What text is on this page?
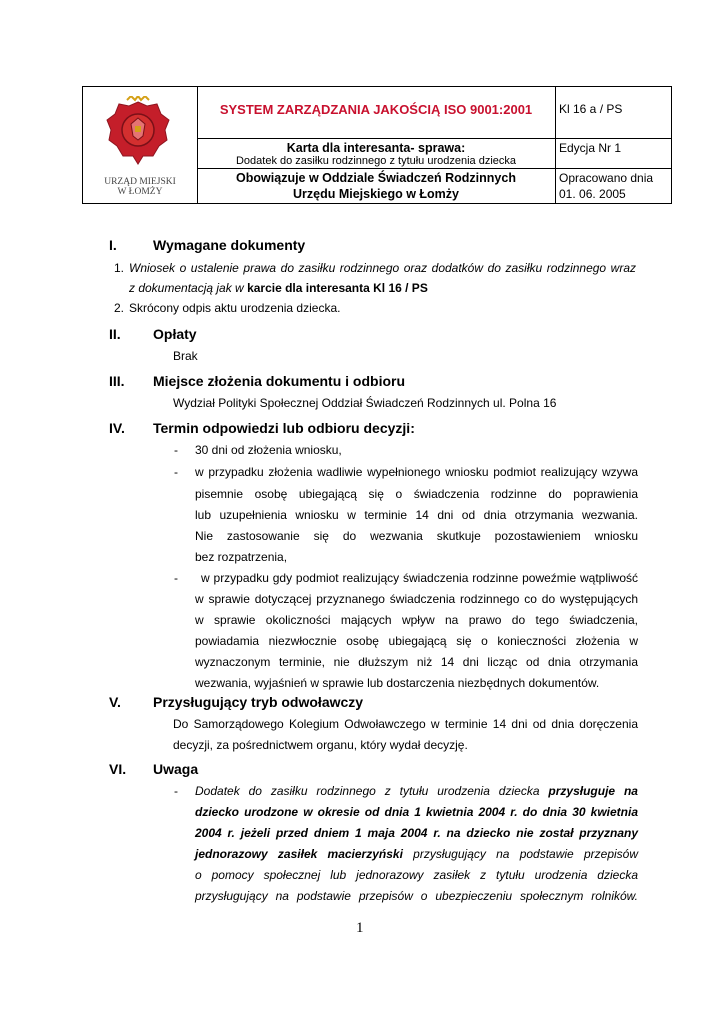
URZĄD MIEJSKI
W ŁOMŻY
SYSTEM ZARZĄDZANIA JAKOŚCIĄ ISO 9001:2001	Kl 16 a / PS
Karta dla interesanta- sprawa:
Dodatek do zasiłku rodzinnego z tytułu urodzenia dziecka
Edycja Nr 1
Obowiązuje w Oddziale Świadczeń Rodzinnych
Urzędu Miejskiego w Łomży
Opracowano dnia
01. 06. 2005
I.	Wymagane dokumenty
1. Wniosek o ustalenie prawa do zasiłku rodzinnego oraz dodatków do zasiłku rodzinnego wraz
z dokumentacją jak w karcie dla interesanta Kl 16 / PS
2. Skrócony odpis aktu urodzenia dziecka.
II. Opłaty
Brak
III. Miejsce złożenia dokumentu i odbioru
Wydział Polityki Społecznej Oddział Świadczeń Rodzinnych ul. Polna 16
IV. Termin odpowiedzi lub odbioru decyzji:
- 30 dni od złożenia wniosku,
- w przypadku złożenia wadliwie wypełnionego wniosku podmiot realizujący wzywa
pisemnie osobę ubiegającą się o świadczenia rodzinne do poprawienia
lub uzupełnienia wniosku w terminie 14 dni od dnia otrzymania wezwania.
Nie zastosowanie się do wezwania skutkuje pozostawieniem wniosku
bez rozpatrzenia,
- w przypadku gdy podmiot realizujący świadczenia rodzinne poweźmie wątpliwość
w sprawie dotyczącej przyznanego świadczenia rodzinnego co do występujących
w sprawie okoliczności mających wpływ na prawo do tego świadczenia,
powiadamia niezwłocznie osobę ubiegającą się o konieczności złożenia w
wyznaczonym terminie, nie dłuższym niż 14 dni licząc od dnia otrzymania
wezwania, wyjaśnień w sprawie lub dostarczenia niezbędnych dokumentów.
V. Przysługujący tryb odwoławczy
Do Samorządowego Kolegium Odwoławczego w terminie 14 dni od dnia doręczenia
decyzji, za pośrednictwem organu, który wydał decyzję.
VI. Uwaga
- Dodatek do zasiłku rodzinnego z tytułu urodzenia dziecka przysługuje na
dziecko urodzone w okresie od dnia 1 kwietnia 2004 r. do dnia 30 kwietnia
2004 r. jeżeli przed dniem 1 maja 2004 r. na dziecko nie został przyznany
jednorazowy zasiłek macierzyński przysługujący na podstawie przepisów
o pomocy społecznej lub jednorazowy zasiłek z tytułu urodzenia dziecka
przysługujący na podstawie przepisów o ubezpieczeniu społecznym rolników.
1
